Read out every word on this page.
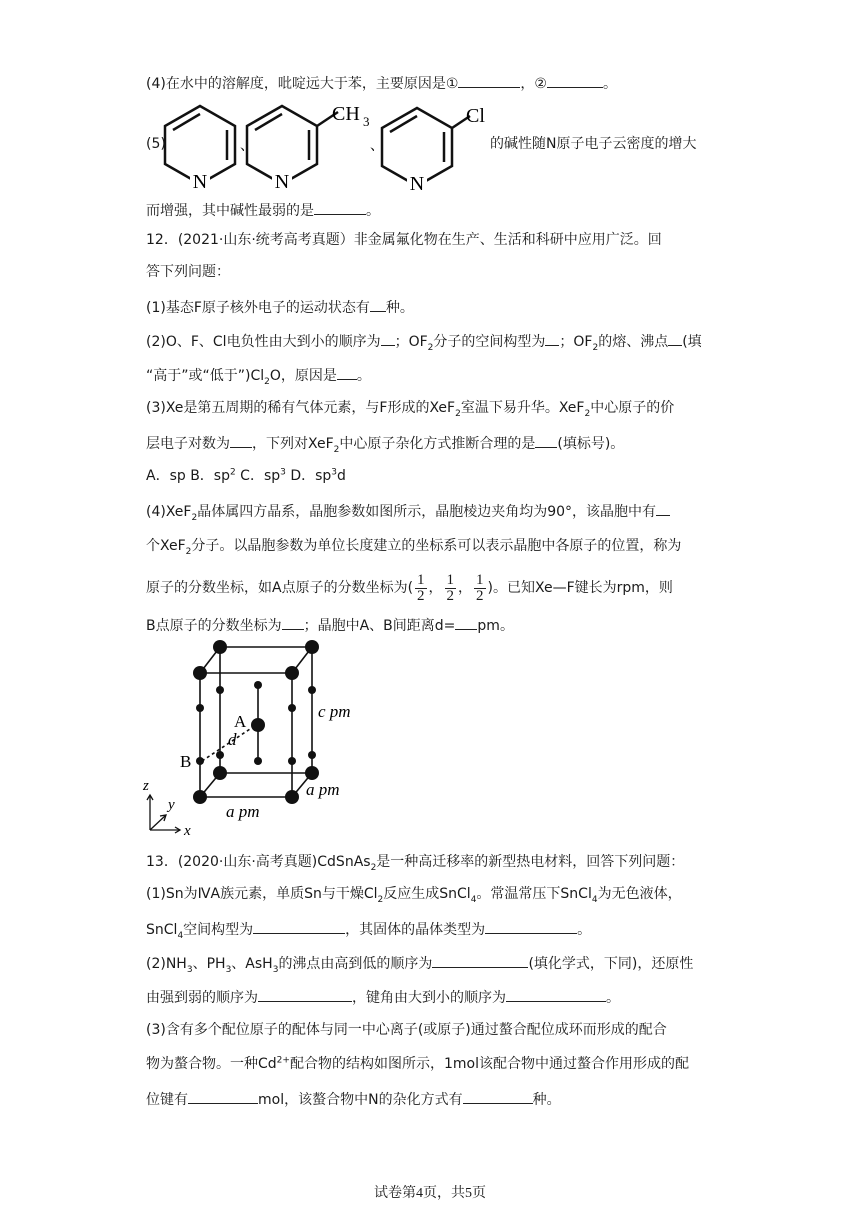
(4)在水中的溶解度，吡啶远大于苯，主要原因是①	，②	。
(5)
N
、
N
CH 3
、
N
Cl
的碱性随N原子电子云密度的增大
而增强，其中碱性最弱的是	。
12．(2021·山东·统考高考真题）非金属氟化物在生产、生活和科研中应用广泛。回
答下列问题：
(1)基态F原子核外电子的运动状态有 种。
(2)O、F、Cl电负性由大到小的顺序为 ；$OF_2$分子的空间构型为 ；$OF_2$的熔、沸点 (填
“高于”或“低于$”)Cl_2O$，原因是 。
(3)Xe是第五周期的稀有气体元素，与F形成的XeF$_2$室温下易升华。XeF$_2$中心原子的价
层电子对数为 ，下列对XeF$_2$中心原子杂化方式推断合理的是 (填标号)。
A．sp B．$sp^2$ C．$sp^3$ D．$sp^3d$
(4)XeF$_2$晶体属四方晶系，晶胞参数如图所示，晶胞棱边夹角均为90°，该晶胞中有
个XeF$_2$分子。以晶胞参数为单位长度建立的坐标系可以表示晶胞中各原子的位置，称为
原子的分数坐标，如A点原子的分数坐标为( $\frac{1}{2}$ ， $\frac{1}{2}$ ， $\frac{1}{2}$ )。已知Xe—F键长为rpm，则
B点原子的分数坐标为 ；晶胞中A、B间距离d= pm。
A
B
d
c pm
a pm
a pm
z
y
x
13．(2020·山东·高考真题)CdSnAs$_2$是一种高迁移率的新型热电材料，回答下列问题：
(1)Sn为ⅣA族元素，单质Sn与干燥$Cl_2$反应生成SnCl$_4$。常温常压下SnCl$_4$为无色液体，
SnCl$_4$空间构型为	，其固体的晶体类型为	。
$(2)NH_3$、$PH_3$、AsH$_3$的沸点由高到低的顺序为	(填化学式，下同)，还原性
由强到弱的顺序为	，键角由大到小的顺序为	。
(3)含有多个配位原子的配体与同一中心离子(或原子)通过螯合配位成环而形成的配合
物为螯合物。一种$Cd^{2+}$配合物的结构如图所示，1mol该配合物中通过螯合作用形成的配
位键有	mol，该螯合物中N的杂化方式有	种。
试卷第4页，共5页
